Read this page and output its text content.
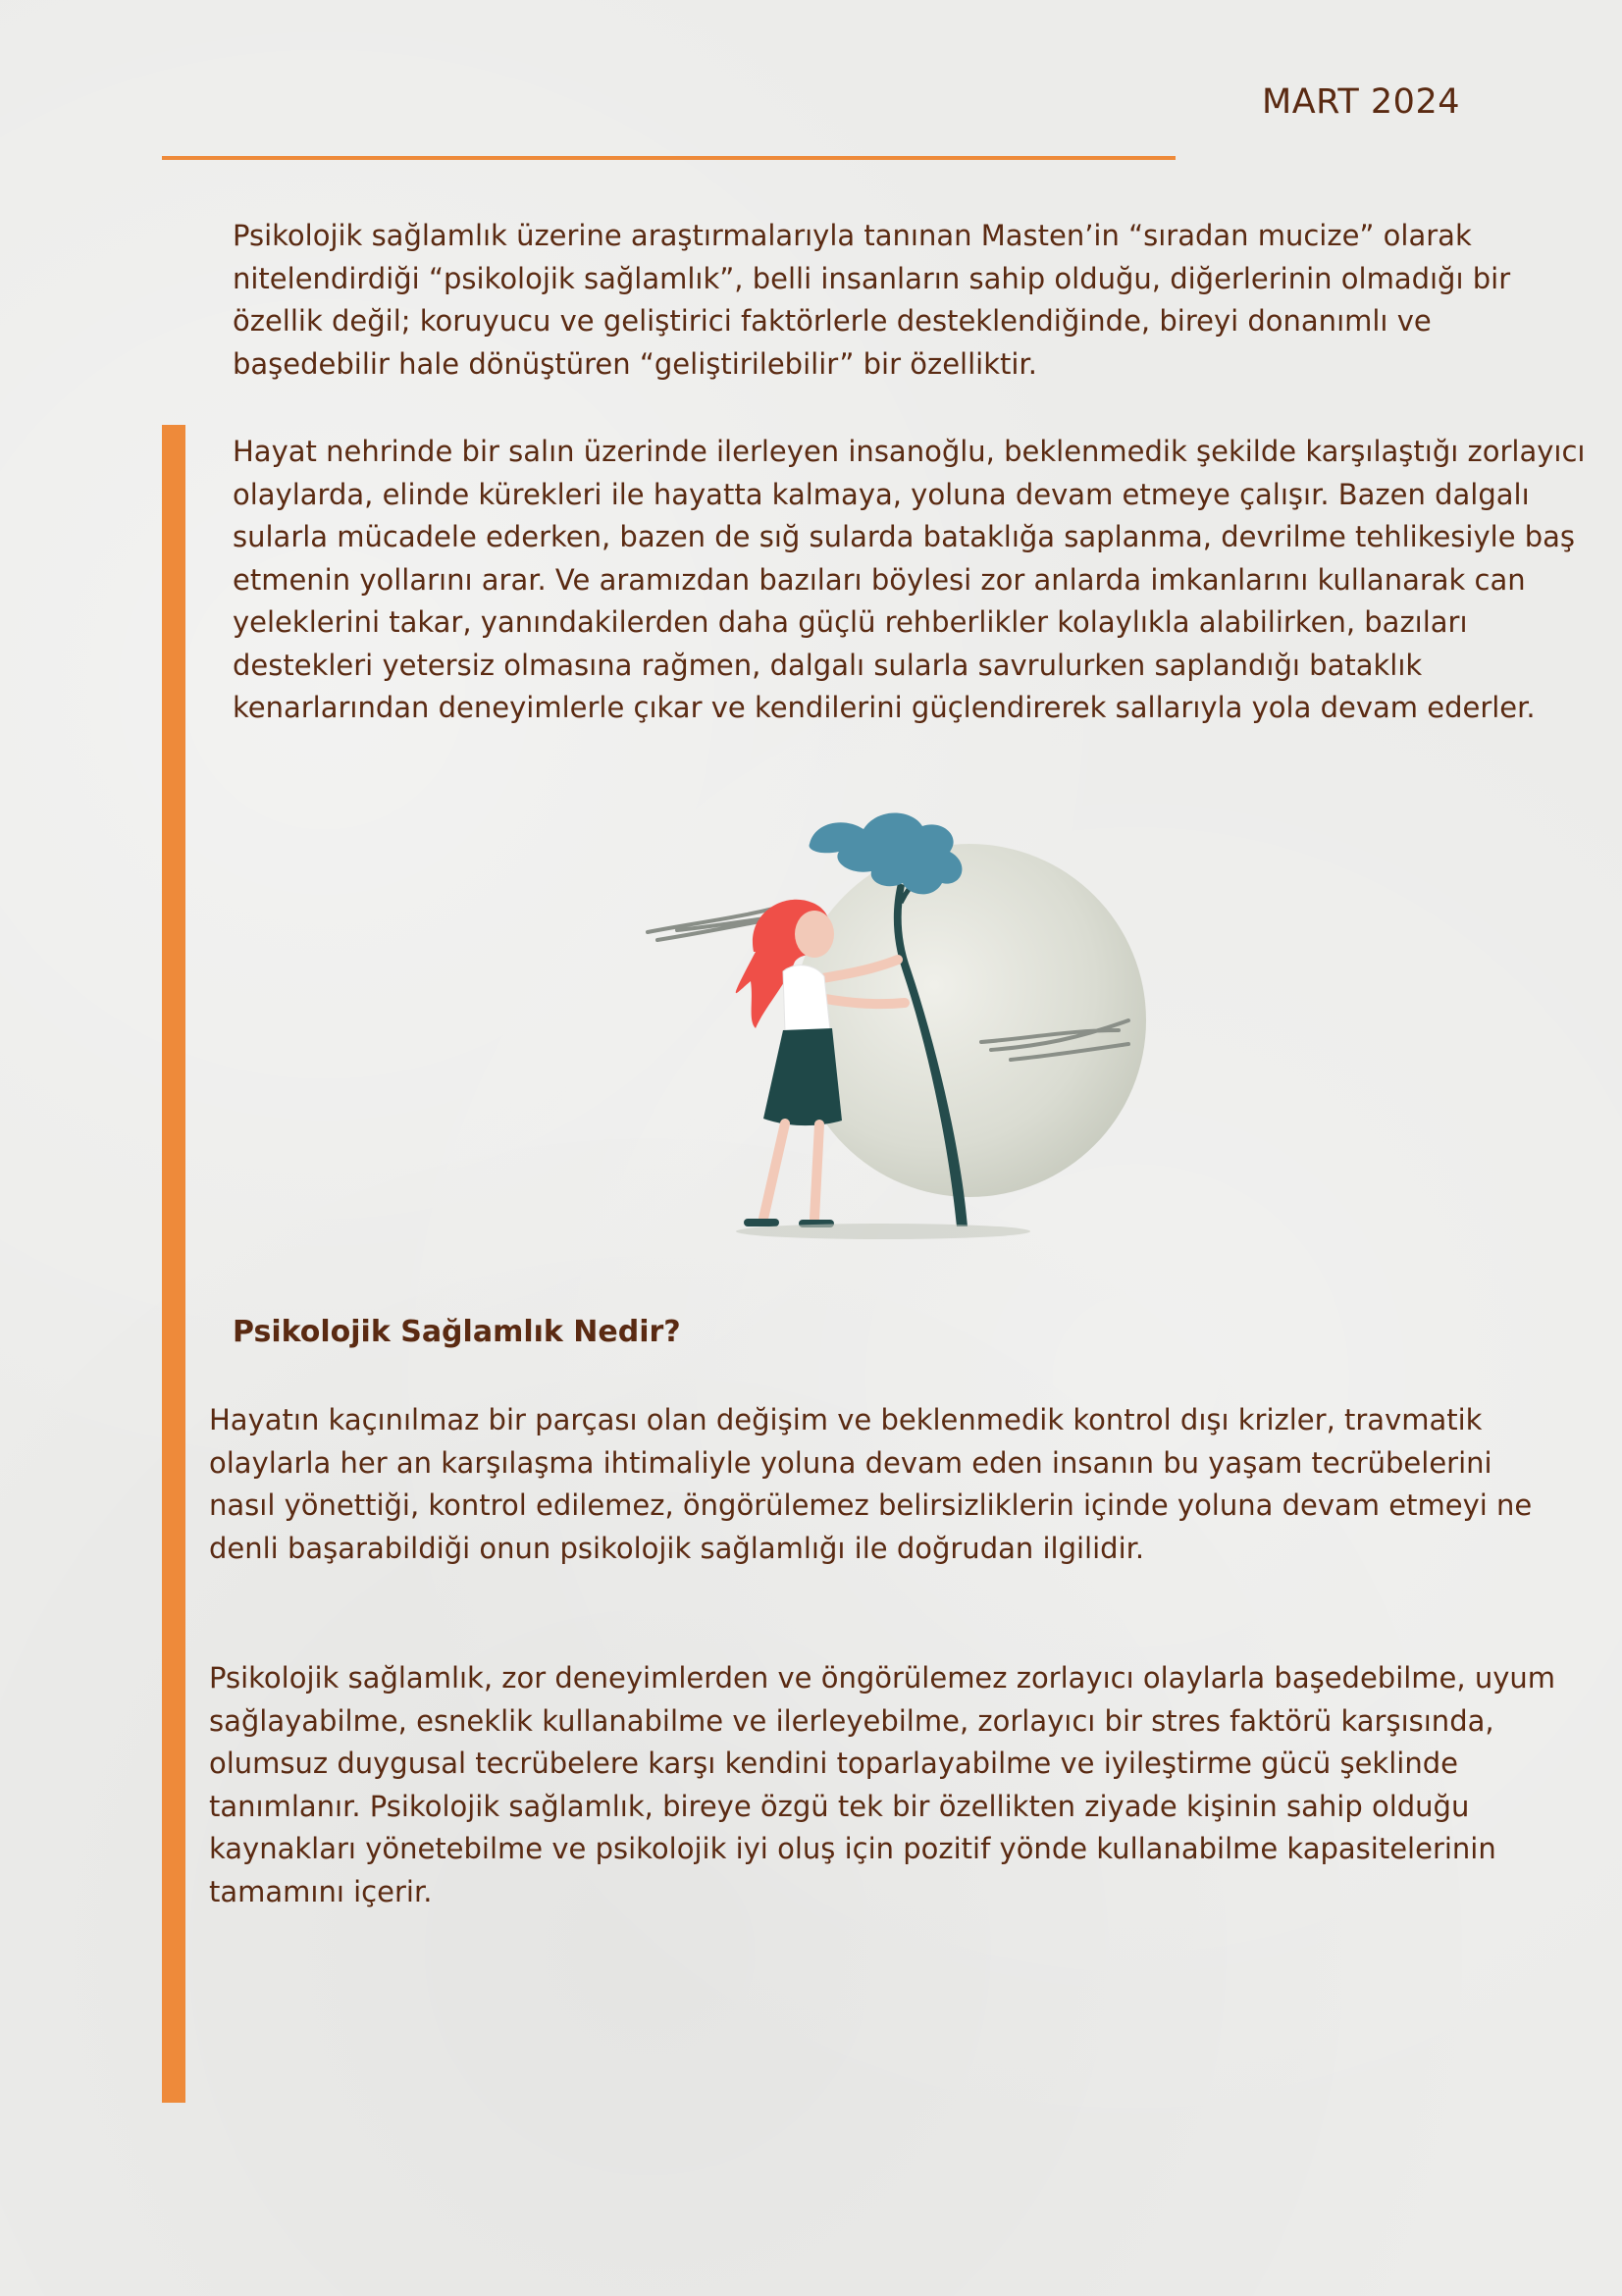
MART 2024

Psikolojik sağlamlık üzerine araştırmalarıyla tanınan Masten’in “sıradan mucize” olarak nitelendirdiği “psikolojik sağlamlık”, belli insanların sahip olduğu, diğerlerinin olmadığı bir özellik değil; koruyucu ve geliştirici faktörlerle desteklendiğinde, bireyi donanımlı ve başedebilir hale dönüştüren “geliştirilebilir” bir özelliktir.

Hayat nehrinde bir salın üzerinde ilerleyen insanoğlu, beklenmedik şekilde karşılaştığı zorlayıcı olaylarda, elinde kürekleri ile hayatta kalmaya, yoluna devam etmeye çalışır. Bazen dalgalı sularla mücadele ederken, bazen de sığ sularda bataklığa saplanma, devrilme tehlikesiyle baş etmenin yollarını arar. Ve aramızdan bazıları böylesi zor anlarda imkanlarını kullanarak can yeleklerini takar, yanındakilerden daha güçlü rehberlikler kolaylıkla alabilirken, bazıları destekleri yetersiz olmasına rağmen, dalgalı sularla savrulurken saplandığı bataklık kenarlarından deneyimlerle çıkar ve kendilerini güçlendirerek sallarıyla yola devam ederler.

Psikolojik Sağlamlık Nedir?

Hayatın kaçınılmaz bir parçası olan değişim ve beklenmedik kontrol dışı krizler, travmatik olaylarla her an karşılaşma ihtimaliyle yoluna devam eden insanın bu yaşam tecrübelerini nasıl yönettiği, kontrol edilemez, öngörülemez belirsizliklerin içinde yoluna devam etmeyi ne denli başarabildiği onun psikolojik sağlamlığı ile doğrudan ilgilidir.

Psikolojik sağlamlık, zor deneyimlerden ve öngörülemez zorlayıcı olaylarla başedebilme, uyum sağlayabilme, esneklik kullanabilme ve ilerleyebilme, zorlayıcı bir stres faktörü karşısında, olumsuz duygusal tecrübelere karşı kendini toparlayabilme ve iyileştirme gücü şeklinde tanımlanır. Psikolojik sağlamlık, bireye özgü tek bir özellikten ziyade kişinin sahip olduğu kaynakları yönetebilme ve psikolojik iyi oluş için pozitif yönde kullanabilme kapasitelerinin tamamını içerir.
